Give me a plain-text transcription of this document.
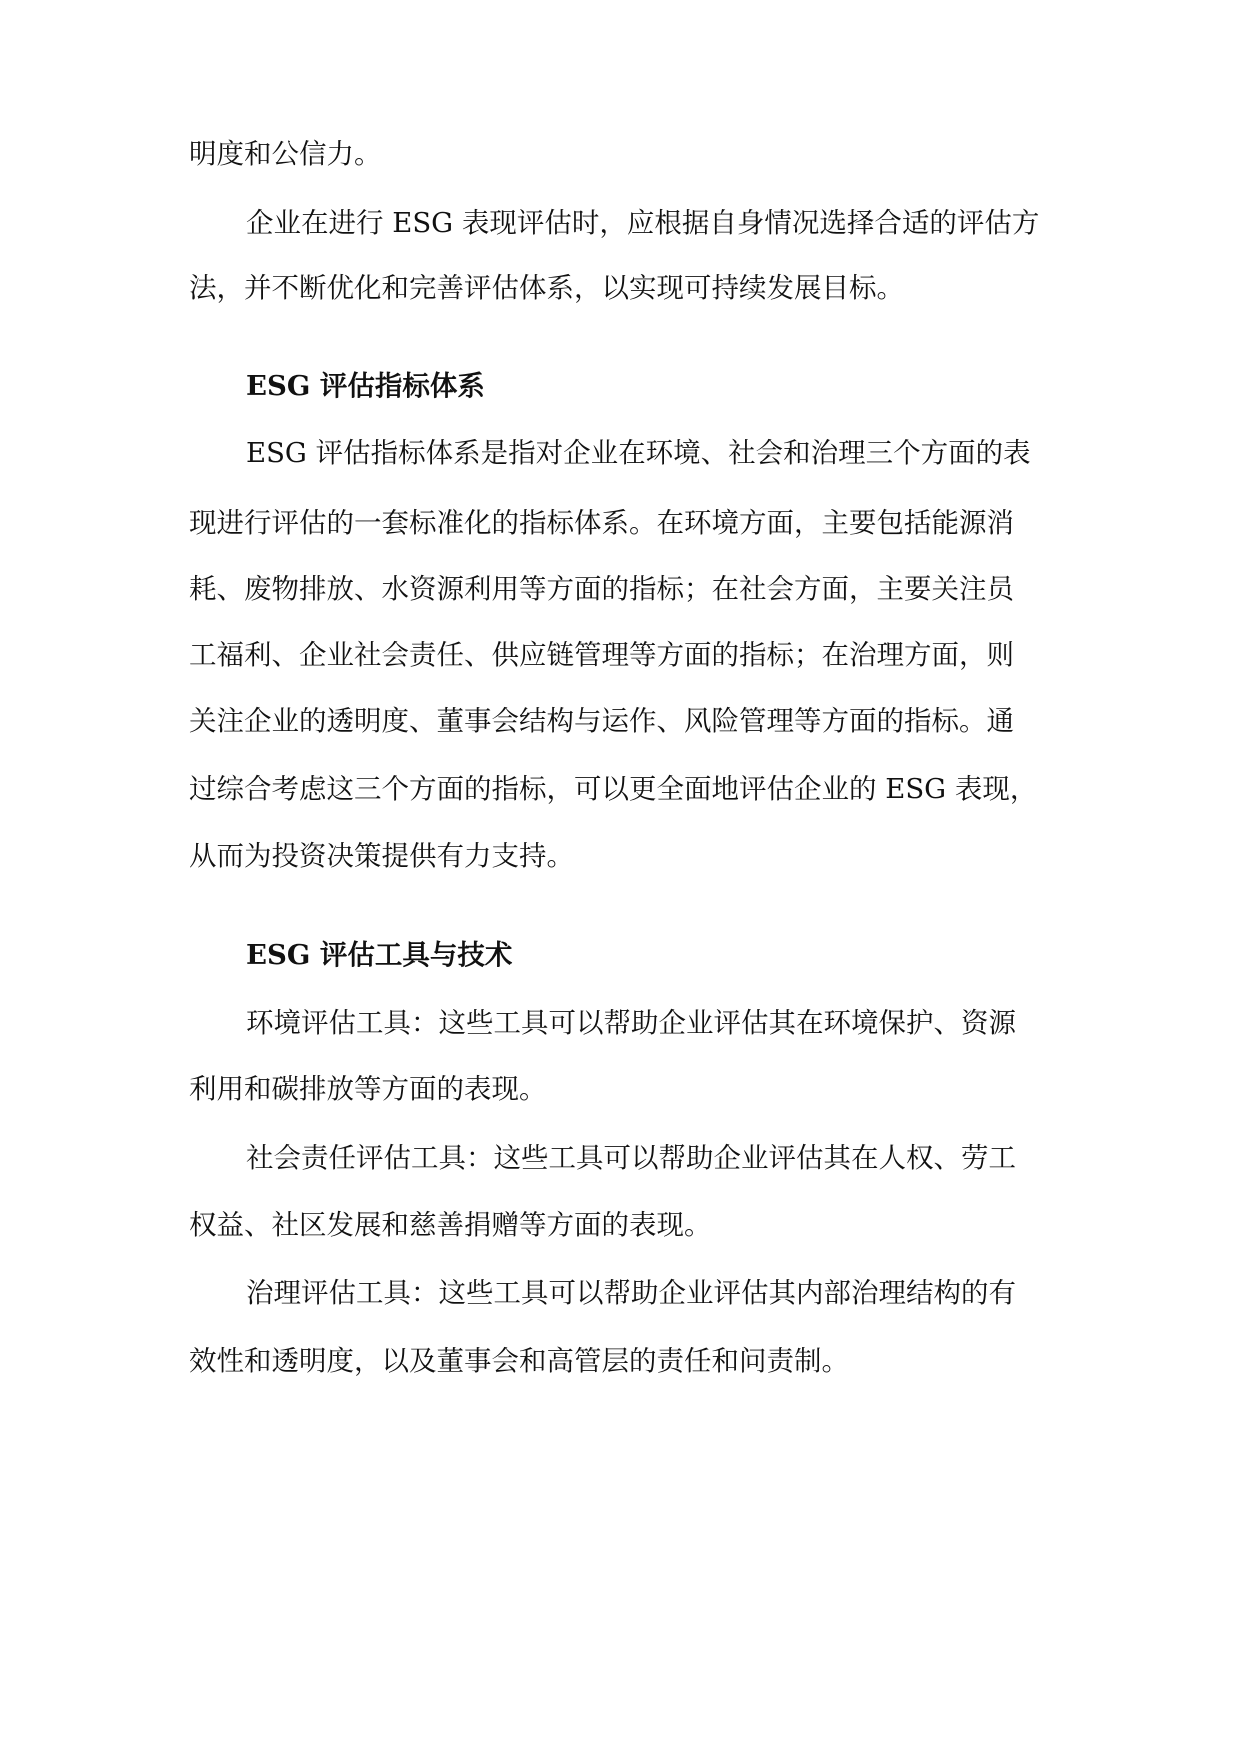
明度和公信力。
企业在进行 ESG 表现评估时，应根据自身情况选择合适的评估方
法，并不断优化和完善评估体系，以实现可持续发展目标。
ESG 评估指标体系
ESG 评估指标体系是指对企业在环境、社会和治理三个方面的表
现进行评估的一套标准化的指标体系。在环境方面，主要包括能源消
耗、废物排放、水资源利用等方面的指标；在社会方面，主要关注员
工福利、企业社会责任、供应链管理等方面的指标；在治理方面，则
关注企业的透明度、董事会结构与运作、风险管理等方面的指标。通
过综合考虑这三个方面的指标，可以更全面地评估企业的 ESG 表现，
从而为投资决策提供有力支持。
ESG 评估工具与技术
环境评估工具：这些工具可以帮助企业评估其在环境保护、资源
利用和碳排放等方面的表现。
社会责任评估工具：这些工具可以帮助企业评估其在人权、劳工
权益、社区发展和慈善捐赠等方面的表现。
治理评估工具：这些工具可以帮助企业评估其内部治理结构的有
效性和透明度，以及董事会和高管层的责任和问责制。
